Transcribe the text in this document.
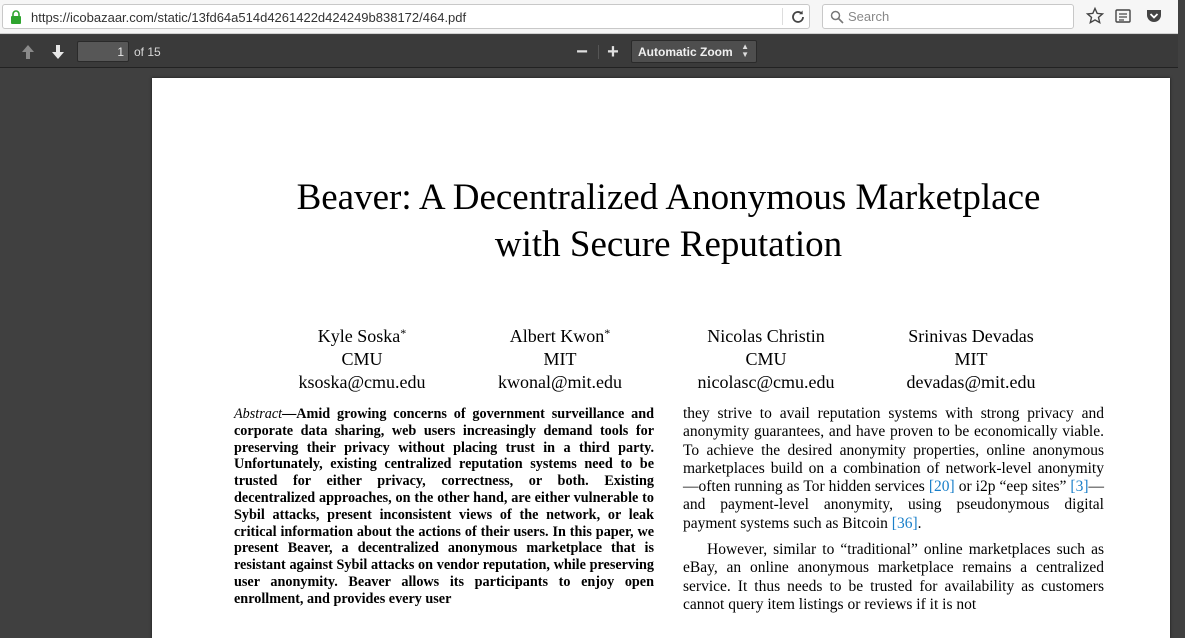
https://icobazaar.com/static/13fd64a514d4261422d424249b838172/464.pdf
Search
1
of 15	− + Automatic Zoom ▲
▼
Beaver: A Decentralized Anonymous Marketplace
with Secure Reputation
Kyle Soska*
CMU
ksoska@cmu.edu
Albert Kwon*
MIT
kwonal@mit.edu
Nicolas Christin
CMU
nicolasc@cmu.edu
Srinivas Devadas
MIT
devadas@mit.edu
Abstract—Amid growing concerns of government surveillance and corporate data sharing, web users increasingly demand tools for preserving their privacy without placing trust in a third party. Unfortunately, existing centralized reputation systems need to be trusted for either privacy, correctness, or both. Existing decentralized approaches, on the other hand, are either vulnerable to Sybil attacks, present inconsistent views of the network, or leak critical information about the actions of their users. In this paper, we present Beaver, a decentralized anonymous marketplace that is resistant against Sybil attacks on vendor reputation, while preserving user anonymity. Beaver allows its participants to enjoy open enrollment, and provides every user

they strive to avail reputation systems with strong privacy and anonymity guarantees, and have proven to be economically viable. To achieve the desired anonymity properties, online anonymous marketplaces build on a combination of network-level anonymity—often running as Tor hidden services [20] or i2p “eep sites” [3]—and payment-level anonymity, using pseudonymous digital payment systems such as Bitcoin [36].

However, similar to “traditional” online marketplaces such as eBay, an online anonymous marketplace remains a centralized service. It thus needs to be trusted for availability as customers cannot query item listings or reviews if it is not
